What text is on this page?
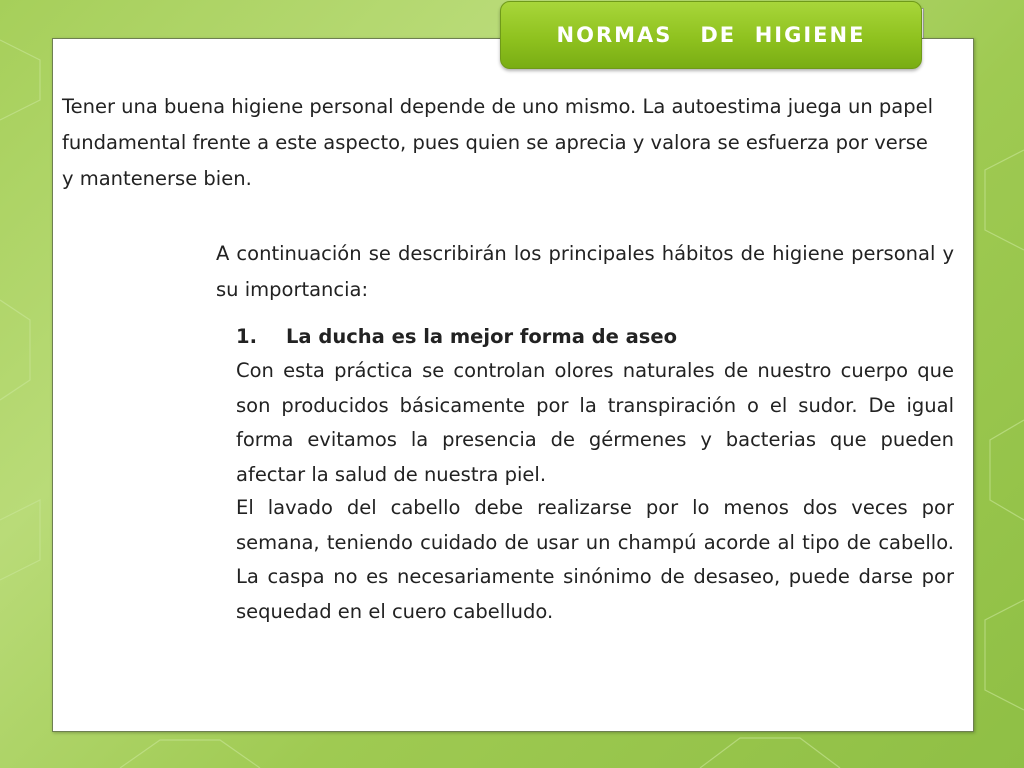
NORMAS   DE  HIGIENE

Tener una buena higiene personal depende de uno mismo. La autoestima juega un papel fundamental frente a este aspecto, pues quien se aprecia y valora se esfuerza por verse y mantenerse bien.

A continuación se describirán los principales hábitos de higiene personal y su importancia:

1. La ducha es la mejor forma de aseo

Con esta práctica se controlan olores naturales de nuestro cuerpo que son producidos básicamente por la transpiración o el sudor. De igual forma evitamos la presencia de gérmenes y bacterias que pueden afectar la salud de nuestra piel.

El lavado del cabello debe realizarse por lo menos dos veces por semana, teniendo cuidado de usar un champú acorde al tipo de cabello. La caspa no es necesariamente sinónimo de desaseo, puede darse por sequedad en el cuero cabelludo.
